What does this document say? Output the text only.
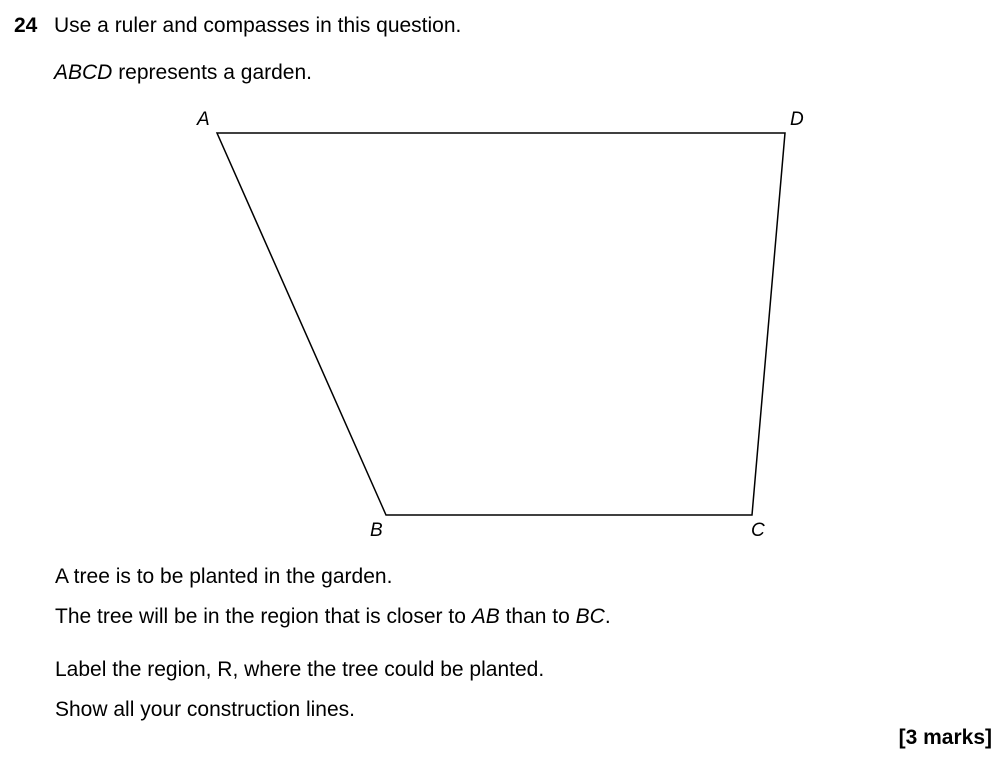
24 Use a ruler and compasses in this question.
ABCD represents a garden.
A	D
B	C
A tree is to be planted in the garden.
The tree will be in the region that is closer to AB than to BC.
Label the region, R, where the tree could be planted.
Show all your construction lines.
[3 marks]
